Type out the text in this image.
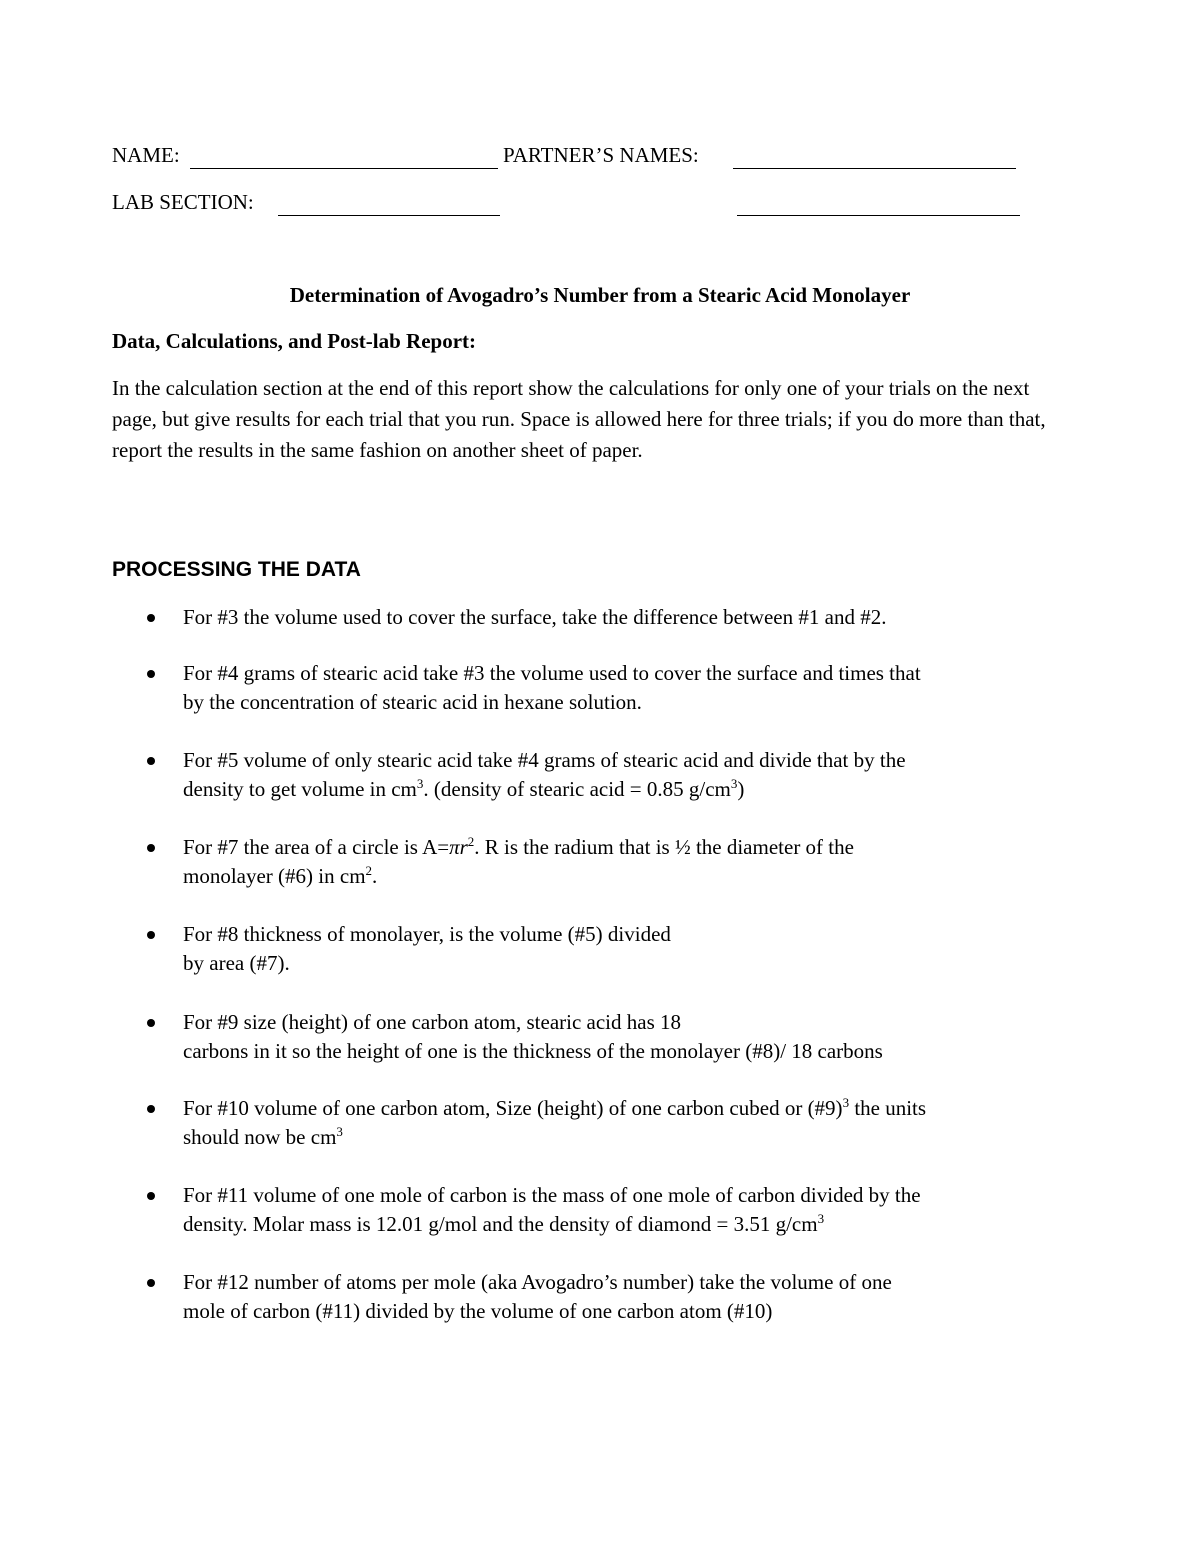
NAME:	PARTNER’S NAMES:
LAB SECTION:
Determination of Avogadro’s Number from a Stearic Acid Monolayer
Data, Calculations, and Post-lab Report:

In the calculation section at the end of this report show the calculations for only one of your trials on the next page, but give results for each trial that you run. Space is allowed here for three trials; if you do more than that, report the results in the same fashion on another sheet of paper.

PROCESSING THE DATA
For #3 the volume used to cover the surface, take the difference between #1 and #2.
For #4 grams of stearic acid take #3 the volume used to cover the surface and times that
by the concentration of stearic acid in hexane solution.
For #5 volume of only stearic acid take #4 grams of stearic acid and divide that by the
density to get volume in $cm^3$. (density of stearic acid = 0.85 $g/cm^3$)
For #7 the area of a circle is $A=\pi r^2$. R is the radium that is ½ the diameter of the
monolayer (#6) in $cm^2$.
For #8 thickness of monolayer, is the volume (#5) divided
by area (#7).
For #9 size (height) of one carbon atom, stearic acid has 18
carbons in it so the height of one is the thickness of the monolayer (#8)/ 18 carbons
For #10 volume of one carbon atom, Size (height) of one carbon cubed or (#9)$^3$ the units
should now be $cm^3$
For #11 volume of one mole of carbon is the mass of one mole of carbon divided by the
density. Molar mass is 12.01 g/mol and the density of diamond = 3.51 $g/cm^3$
For #12 number of atoms per mole (aka Avogadro’s number) take the volume of one
mole of carbon (#11) divided by the volume of one carbon atom (#10)
